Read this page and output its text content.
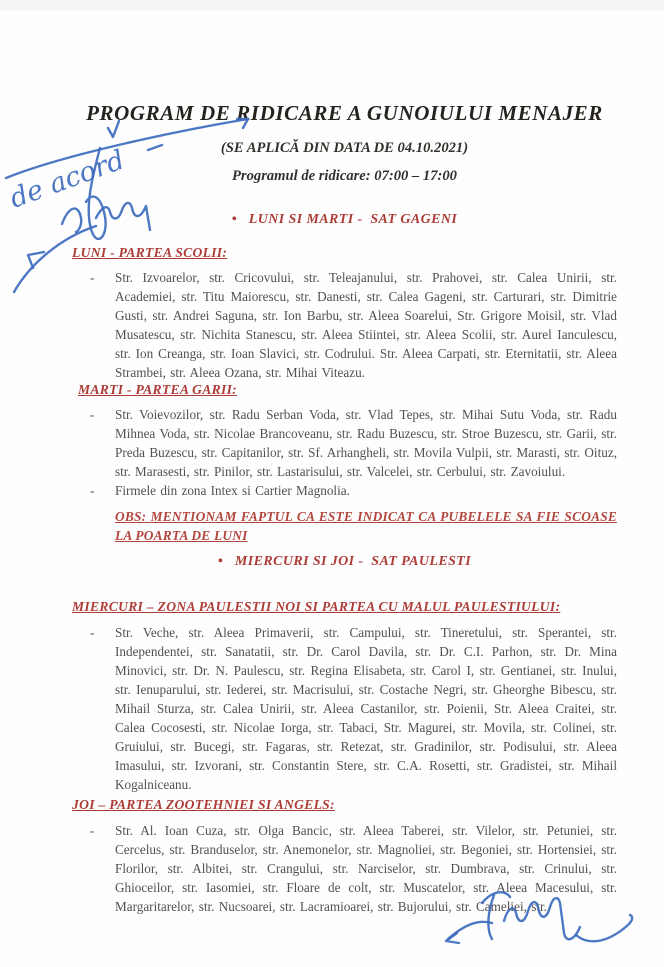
PROGRAM DE RIDICARE A GUNOIULUI MENAJER
(SE APLICĂ DIN DATA DE 04.10.2021)
Programul de ridicare: 07:00 – 17:00
•   LUNI SI MARTI -  SAT GAGENI
LUNI - PARTEA SCOLII:
- Str. Izvoarelor, str. Cricovului, str. Teleajanului, str. Prahovei, str. Calea Unirii, str. Academiei, str. Titu Maiorescu, str. Danesti, str. Calea Gageni, str. Carturari, str. Dimitrie Gusti, str. Andrei Saguna, str. Ion Barbu, str. Aleea Soarelui, Str. Grigore Moisil, str. Vlad Musatescu, str. Nichita Stanescu, str. Aleea Stiintei, str. Aleea Scolii, str. Aurel Ianculescu, str. Ion Creanga, str. Ioan Slavici, str. Codrului. Str. Aleea Carpati, str. Eternitatii, str. Aleea Strambei, str. Aleea Ozana, str. Mihai Viteazu.
MARTI - PARTEA GARII:
- Str. Voievozilor, str. Radu Serban Voda, str. Vlad Tepes, str. Mihai Sutu Voda, str. Radu Mihnea Voda, str. Nicolae Brancoveanu, str. Radu Buzescu, str. Stroe Buzescu, str. Garii, str. Preda Buzescu, str. Capitanilor, str. Sf. Arhangheli, str. Movila Vulpii, str. Marasti, str. Oituz, str. Marasesti, str. Pinilor, str. Lastarisului, str. Valcelei, str. Cerbului, str. Zavoiului.
- Firmele din zona Intex si Cartier Magnolia.
OBS: MENTIONAM FAPTUL CA ESTE INDICAT CA PUBELELE SA FIE SCOASE LA POARTA DE LUNI
•   MIERCURI SI JOI -  SAT PAULESTI
MIERCURI – ZONA PAULESTII NOI SI PARTEA CU MALUL PAULESTIULUI:
- Str. Veche, str. Aleea Primaverii, str. Campului, str. Tineretului, str. Sperantei, str. Independentei, str. Sanatatii, str. Dr. Carol Davila, str. Dr. C.I. Parhon, str. Dr. Mina Minovici, str. Dr. N. Paulescu, str. Regina Elisabeta, str. Carol I, str. Gentianei, str. Inului, str. Ienuparului, str. Iederei, str. Macrisului, str. Costache Negri, str. Gheorghe Bibescu, str. Mihail Sturza, str. Calea Unirii, str. Aleea Castanilor, str. Poienii, Str. Aleea Craitei, str. Calea Cocosesti, str. Nicolae Iorga, str. Tabaci, Str. Magurei, str. Movila, str. Colinei, str. Gruiului, str. Bucegi, str. Fagaras, str. Retezat, str. Gradinilor, str. Podisului, str. Aleea Imasului, str. Izvorani, str. Constantin Stere, str. C.A. Rosetti, str. Gradistei, str. Mihail Kogalniceanu.
JOI – PARTEA ZOOTEHNIEI SI ANGELS:
- Str. Al. Ioan Cuza, str. Olga Bancic, str. Aleea Taberei, str. Vilelor, str. Petuniei, str. Cercelus, str. Branduselor, str. Anemonelor, str. Magnoliei, str. Begoniei, str. Hortensiei, str. Florilor, str. Albitei, str. Crangului, str. Narciselor, str. Dumbrava, str. Crinului, str. Ghioceilor, str. Iasomiei, str. Floare de colt, str. Muscatelor, str. Aleea Macesului, str. Margaritarelor, str. Nucsoarei, str. Lacramioarei, str. Bujorului, str. Cameliei, str.
de acord
